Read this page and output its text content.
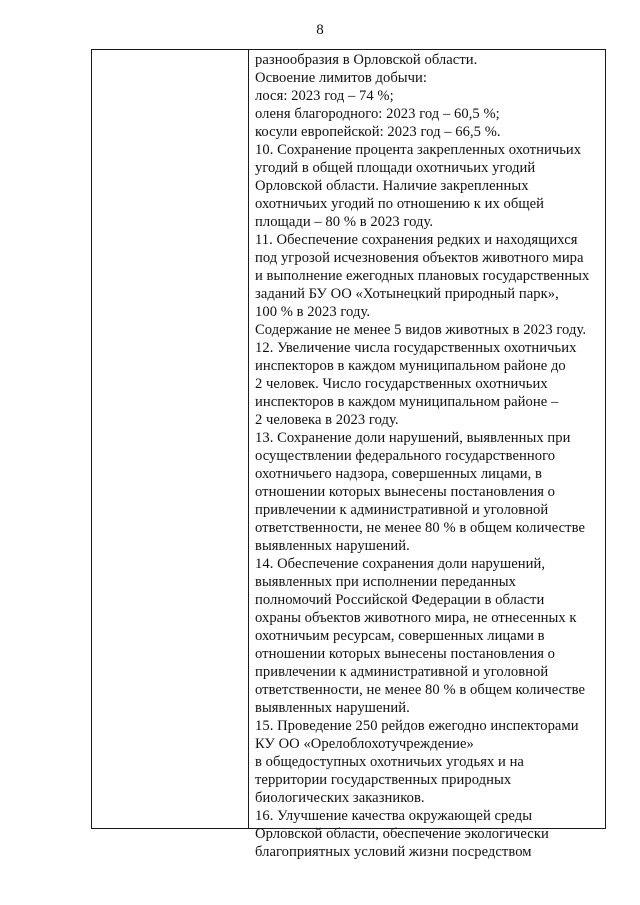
8
разнообразия в Орловской области.
Освоение лимитов добычи:
лося: 2023 год – 74 %;
оленя благородного: 2023 год – 60,5 %;
косули европейской: 2023 год – 66,5 %.
10. Сохранение процента закрепленных охотничьих
угодий в общей площади охотничьих угодий
Орловской области. Наличие закрепленных
охотничьих угодий по отношению к их общей
площади – 80 % в 2023 году.
11. Обеспечение сохранения редких и находящихся
под угрозой исчезновения объектов животного мира
и выполнение ежегодных плановых государственных
заданий БУ ОО «Хотынецкий природный парк»,
100 % в 2023 году.
Содержание не менее 5 видов животных в 2023 году.
12. Увеличение числа государственных охотничьих
инспекторов в каждом муниципальном районе до
2 человек. Число государственных охотничьих
инспекторов в каждом муниципальном районе –
2 человека в 2023 году.
13. Сохранение доли нарушений, выявленных при
осуществлении федерального государственного
охотничьего надзора, совершенных лицами, в
отношении которых вынесены постановления о
привлечении к административной и уголовной
ответственности, не менее 80 % в общем количестве
выявленных нарушений.
14. Обеспечение сохранения доли нарушений,
выявленных при исполнении переданных
полномочий Российской Федерации в области
охраны объектов животного мира, не отнесенных к
охотничьим ресурсам, совершенных лицами в
отношении которых вынесены постановления о
привлечении к административной и уголовной
ответственности, не менее 80 % в общем количестве
выявленных нарушений.
15. Проведение 250 рейдов ежегодно инспекторами
КУ ОО «Орелоблохотучреждение»
в общедоступных охотничьих угодьях и на
территории государственных природных
биологических заказников.
16. Улучшение качества окружающей среды
Орловской области, обеспечение экологически
благоприятных условий жизни посредством
